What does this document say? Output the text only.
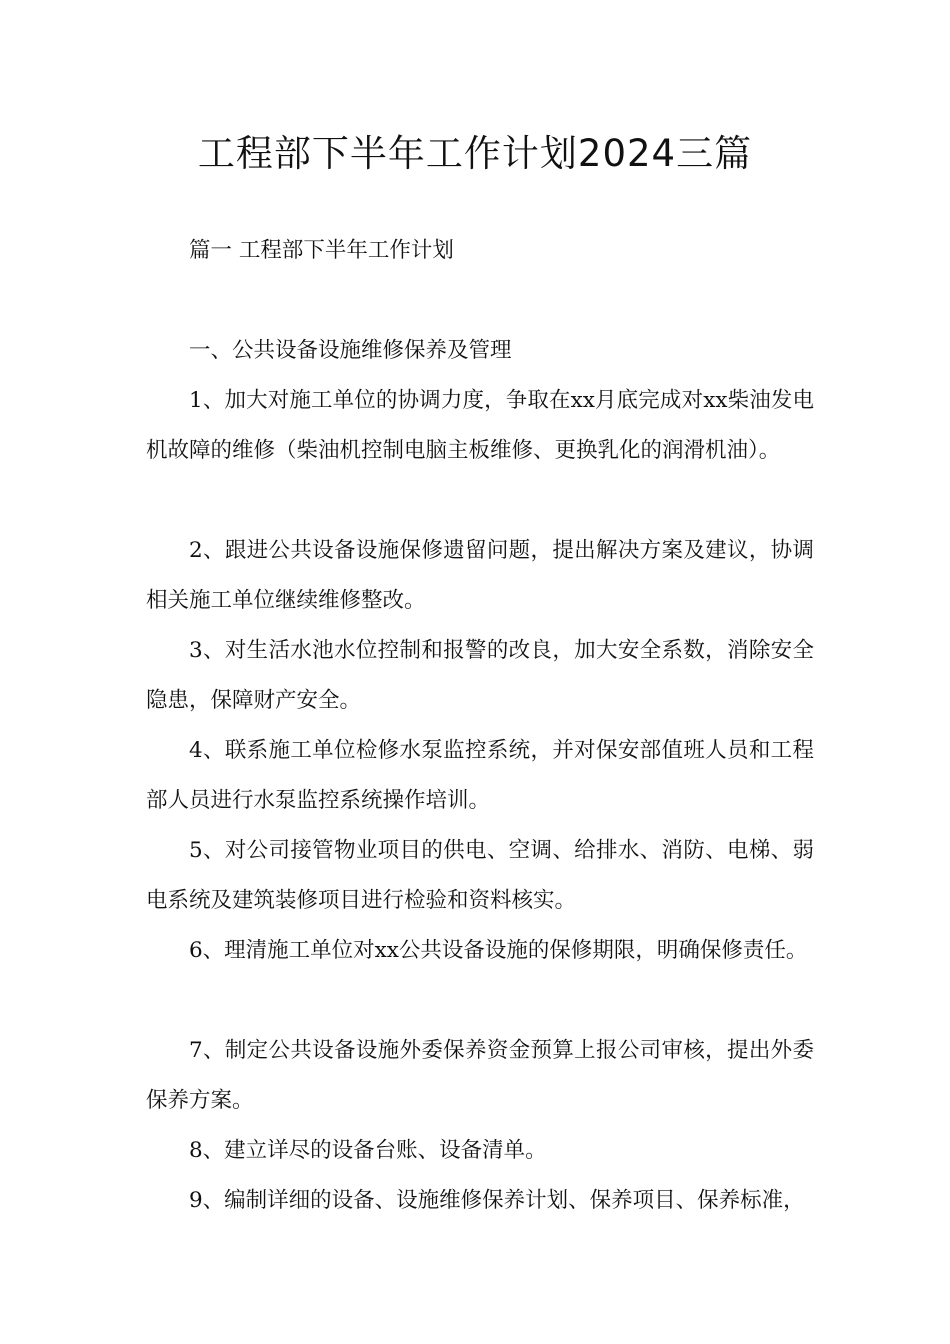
工程部下半年工作计划2024三篇

篇一 工程部下半年工作计划

一、公共设备设施维修保养及管理

1、加大对施工单位的协调力度，争取在xx月底完成对xx柴油发电机故障的维修（柴油机控制电脑主板维修、更换乳化的润滑机油）。

2、跟进公共设备设施保修遗留问题，提出解决方案及建议，协调相关施工单位继续维修整改。

3、对生活水池水位控制和报警的改良，加大安全系数，消除安全隐患，保障财产安全。

4、联系施工单位检修水泵监控系统，并对保安部值班人员和工程部人员进行水泵监控系统操作培训。

5、对公司接管物业项目的供电、空调、给排水、消防、电梯、弱电系统及建筑装修项目进行检验和资料核实。

6、理清施工单位对xx公共设备设施的保修期限，明确保修责任。

7、制定公共设备设施外委保养资金预算上报公司审核，提出外委保养方案。

8、建立详尽的设备台账、设备清单。

9、编制详细的设备、设施维修保养计划、保养项目、保养标准，
